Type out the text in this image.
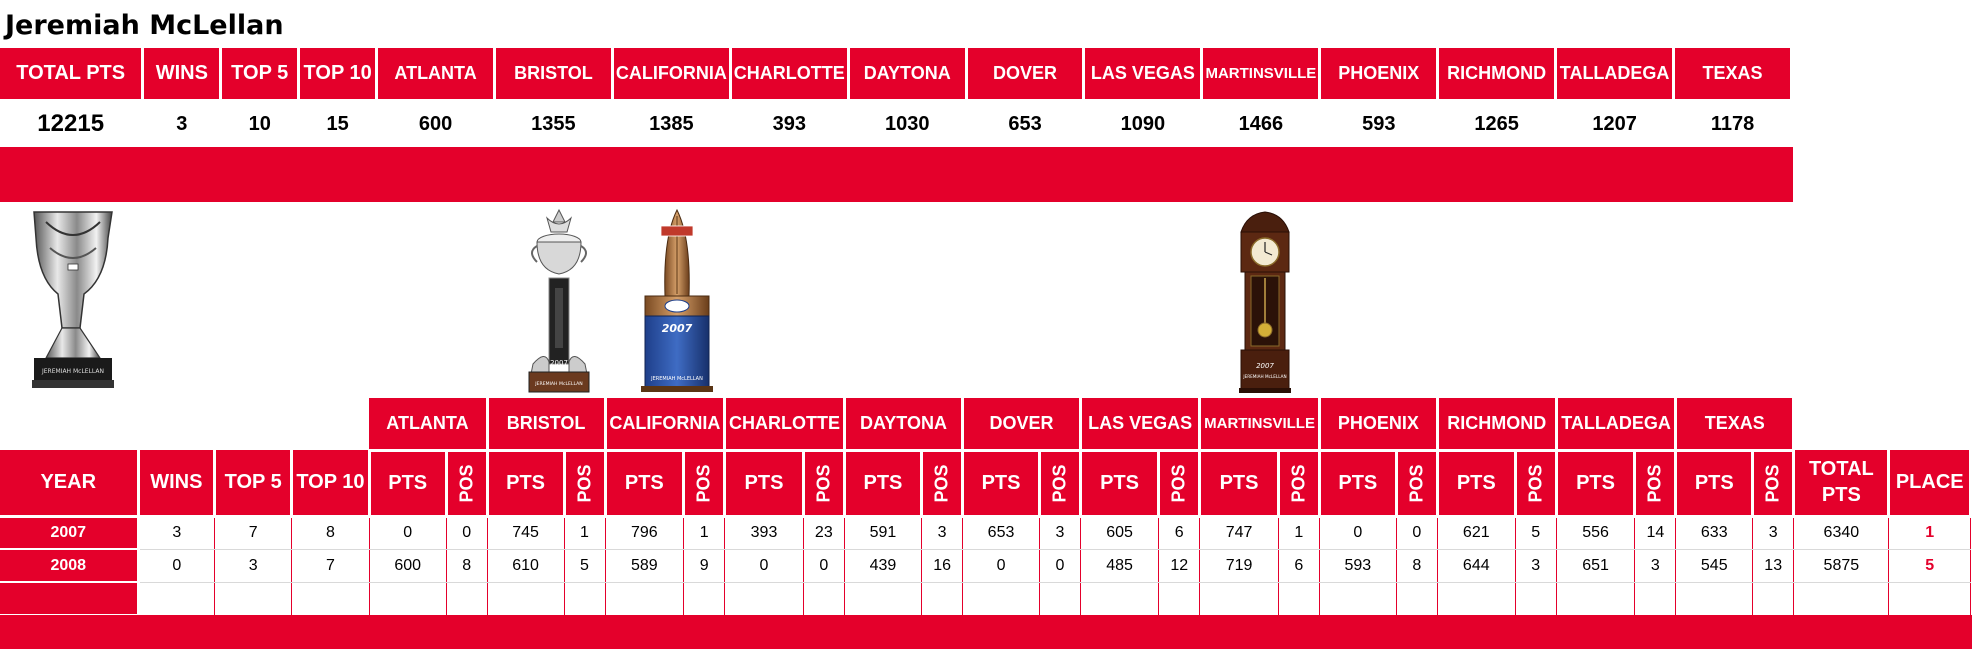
Jeremiah McLellan
TOTAL PTS	WINS	TOP 5	TOP 10	ATLANTA	BRISTOL	CALIFORNIA	CHARLOTTE	DAYTONA	DOVER	LAS VEGAS	MARTINSVILLE	PHOENIX	RICHMOND	TALLADEGA	TEXAS
12215	3	10	15	600	1355	1385	393	1030	653	1090	1466	593	1265	1207	1178
JEREMIAH McLELLAN
2007
JEREMIAH McLELLAN
2007
JEREMIAH McLELLAN
2007
JEREMIAH McLELLAN
				ATLANTA		BRISTOL		CALIFORNIA		CHARLOTTE		DAYTONA		DOVER		LAS VEGAS		MARTINSVILLE		PHOENIX		RICHMOND		TALLADEGA		TEXAS			
YEAR	WINS	TOP 5	TOP 10	PTS	POS	PTS	POS	PTS	POS	PTS	POS	PTS	POS	PTS	POS	PTS	POS	PTS	POS	PTS	POS	PTS	POS	PTS	POS	PTS	POS	TOTAL PTS	PLACE
2007	3	7	8	0	0	745	1	796	1	393	23	591	3	653	3	605	6	747	1	0	0	621	5	556	14	633	3	6340	1
2008	0	3	7	600	8	610	5	589	9	0	0	439	16	0	0	485	12	719	6	593	8	644	3	651	3	545	13	5875	5
